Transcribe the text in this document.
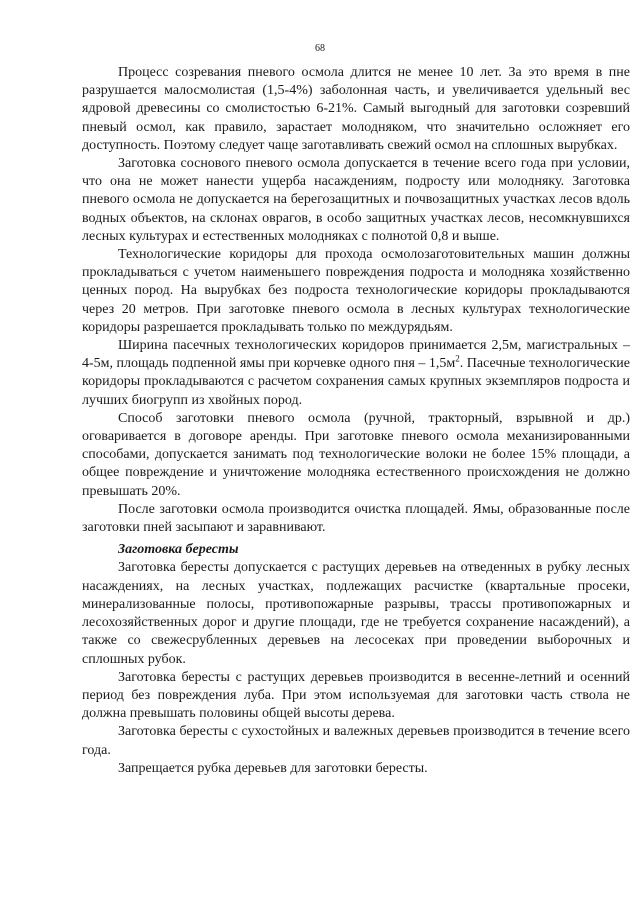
68

Процесс созревания пневого осмола длится не менее 10 лет. За это время в пне разрушается малосмолистая (1,5-4%) заболонная часть, и увеличивается удельный вес ядровой древесины со смолистостью 6-21%. Самый выгодный для заготовки созревший пневый осмол, как правило, зарастает молодняком, что значительно осложняет его доступность. Поэтому следует чаще заготавливать свежий осмол на сплошных вырубках.

Заготовка соснового пневого осмола допускается в течение всего года при условии, что она не может нанести ущерба насаждениям, подросту или молодняку. Заготовка пневого осмола не допускается на берегозащитных и почвозащитных участках лесов вдоль водных объектов, на склонах оврагов, в особо защитных участках лесов, несомкнувшихся лесных культурах и естественных молодняках с полнотой 0,8 и выше.

Технологические коридоры для прохода осмолозаготовительных машин должны прокладываться с учетом наименьшего повреждения подроста и молодняка хозяйственно ценных пород. На вырубках без подроста технологические коридоры прокладываются через 20 метров. При заготовке пневого осмола в лесных культурах технологические коридоры разрешается прокладывать только по междурядьям.

Ширина пасечных технологических коридоров принимается 2,5м, магистральных – 4-5м, площадь подпенной ямы при корчевке одного пня – $1,5м^2$. Пасечные технологические коридоры прокладываются с расчетом сохранения самых крупных экземпляров подроста и лучших биогрупп из хвойных пород.

Способ заготовки пневого осмола (ручной, тракторный, взрывной и др.) оговаривается в договоре аренды. При заготовке пневого осмола механизированными способами, допускается занимать под технологические волоки не более 15% площади, а общее повреждение и уничтожение молодняка естественного происхождения не должно превышать 20%.

После заготовки осмола производится очистка площадей. Ямы, образованные после заготовки пней засыпают и заравнивают.

Заготовка бересты

Заготовка бересты допускается с растущих деревьев на отведенных в рубку лесных насаждениях, на лесных участках, подлежащих расчистке (квартальные просеки, минерализованные полосы, противопожарные разрывы, трассы противопожарных и лесохозяйственных дорог и другие площади, где не требуется сохранение насаждений), а также со свежесрубленных деревьев на лесосеках при проведении выборочных и сплошных рубок.

Заготовка бересты с растущих деревьев производится в весенне-летний и осенний период без повреждения луба. При этом используемая для заготовки часть ствола не должна превышать половины общей высоты дерева.

Заготовка бересты с сухостойных и валежных деревьев производится в течение всего года.

Запрещается рубка деревьев для заготовки бересты.
